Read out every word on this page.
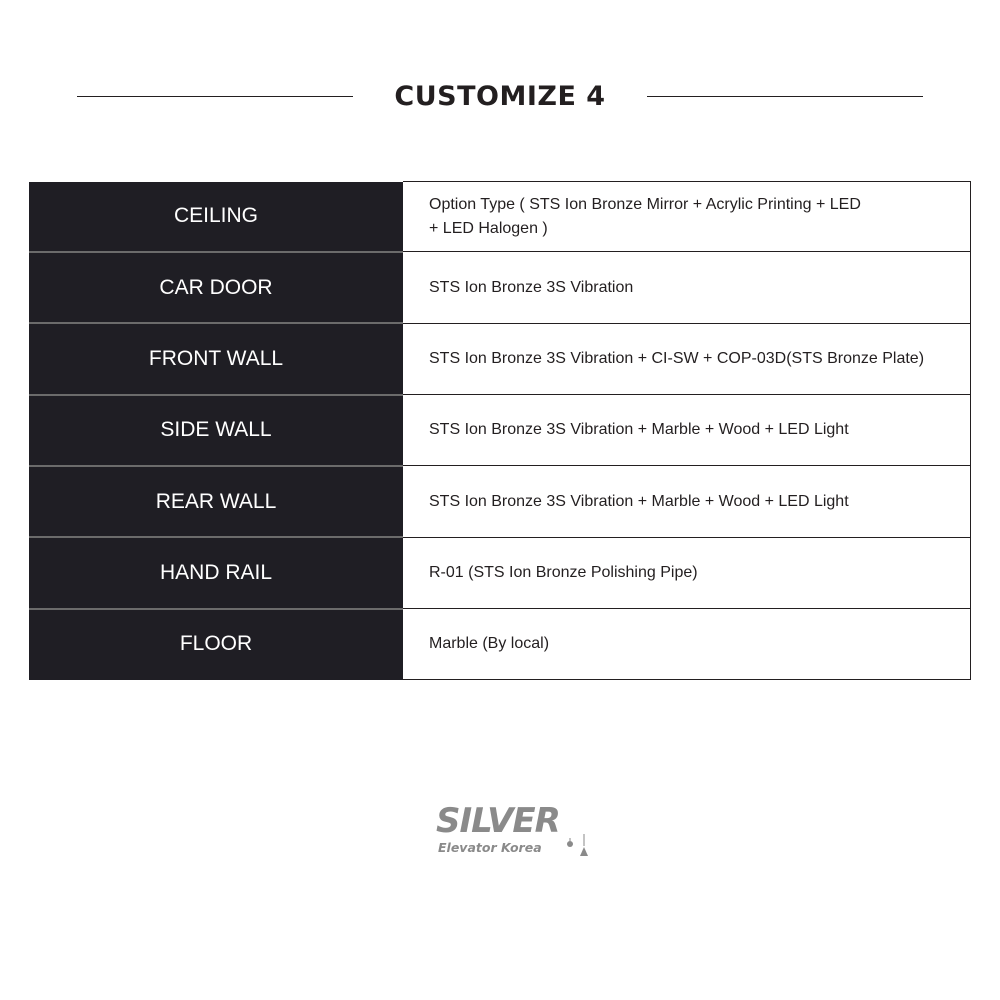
CUSTOMIZE 4
CEILING	Option Type ( STS Ion Bronze Mirror + Acrylic Printing + LED
+ LED Halogen )
CAR DOOR	STS Ion Bronze 3S Vibration
FRONT WALL	STS Ion Bronze 3S Vibration + CI-SW + COP-03D(STS Bronze Plate)
SIDE WALL	STS Ion Bronze 3S Vibration + Marble + Wood + LED Light
REAR WALL	STS Ion Bronze 3S Vibration + Marble + Wood + LED Light
HAND RAIL	R-01 (STS Ion Bronze Polishing Pipe)
FLOOR	Marble (By local)
SILVER
Elevator Korea
